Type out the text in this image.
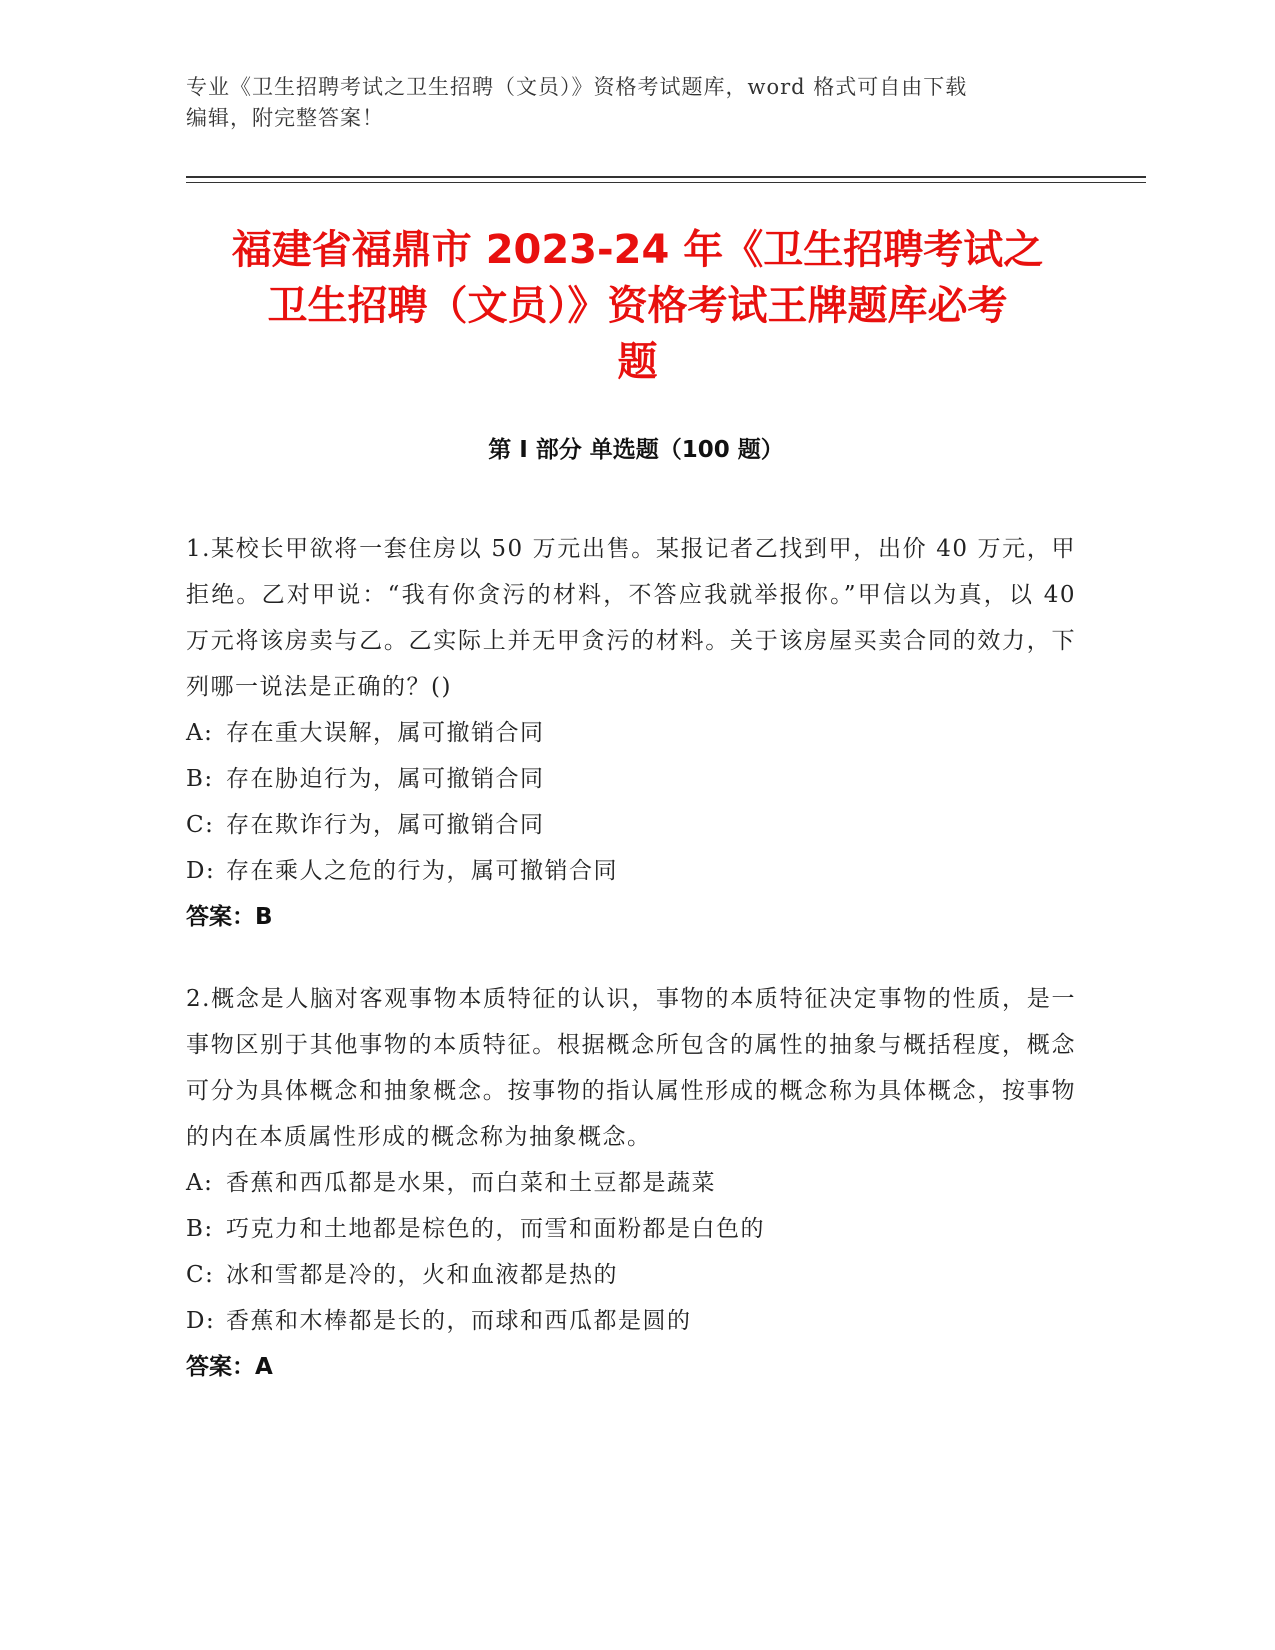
专业《卫生招聘考试之卫生招聘（文员）》资格考试题库，word 格式可自由下载
编辑，附完整答案！
福建省福鼎市 2023-24 年《卫生招聘考试之
卫生招聘（文员）》资格考试王牌题库必考
题
第 I 部分 单选题（100 题）
1.某校长甲欲将一套住房以 50 万元出售。某报记者乙找到甲，出价 40 万元，甲拒绝。乙对甲说：“我有你贪污的材料，不答应我就举报你。”甲信以为真，以 40 万元将该房卖与乙。乙实际上并无甲贪污的材料。关于该房屋买卖合同的效力，下列哪一说法是正确的？()
A: 存在重大误解，属可撤销合同
B: 存在胁迫行为，属可撤销合同
C: 存在欺诈行为，属可撤销合同
D: 存在乘人之危的行为，属可撤销合同
答案：B
2.概念是人脑对客观事物本质特征的认识，事物的本质特征决定事物的性质，是一事物区别于其他事物的本质特征。根据概念所包含的属性的抽象与概括程度，概念可分为具体概念和抽象概念。按事物的指认属性形成的概念称为具体概念，按事物的内在本质属性形成的概念称为抽象概念。
A: 香蕉和西瓜都是水果，而白菜和土豆都是蔬菜
B: 巧克力和土地都是棕色的，而雪和面粉都是白色的
C: 冰和雪都是冷的，火和血液都是热的
D: 香蕉和木棒都是长的，而球和西瓜都是圆的
答案：A
